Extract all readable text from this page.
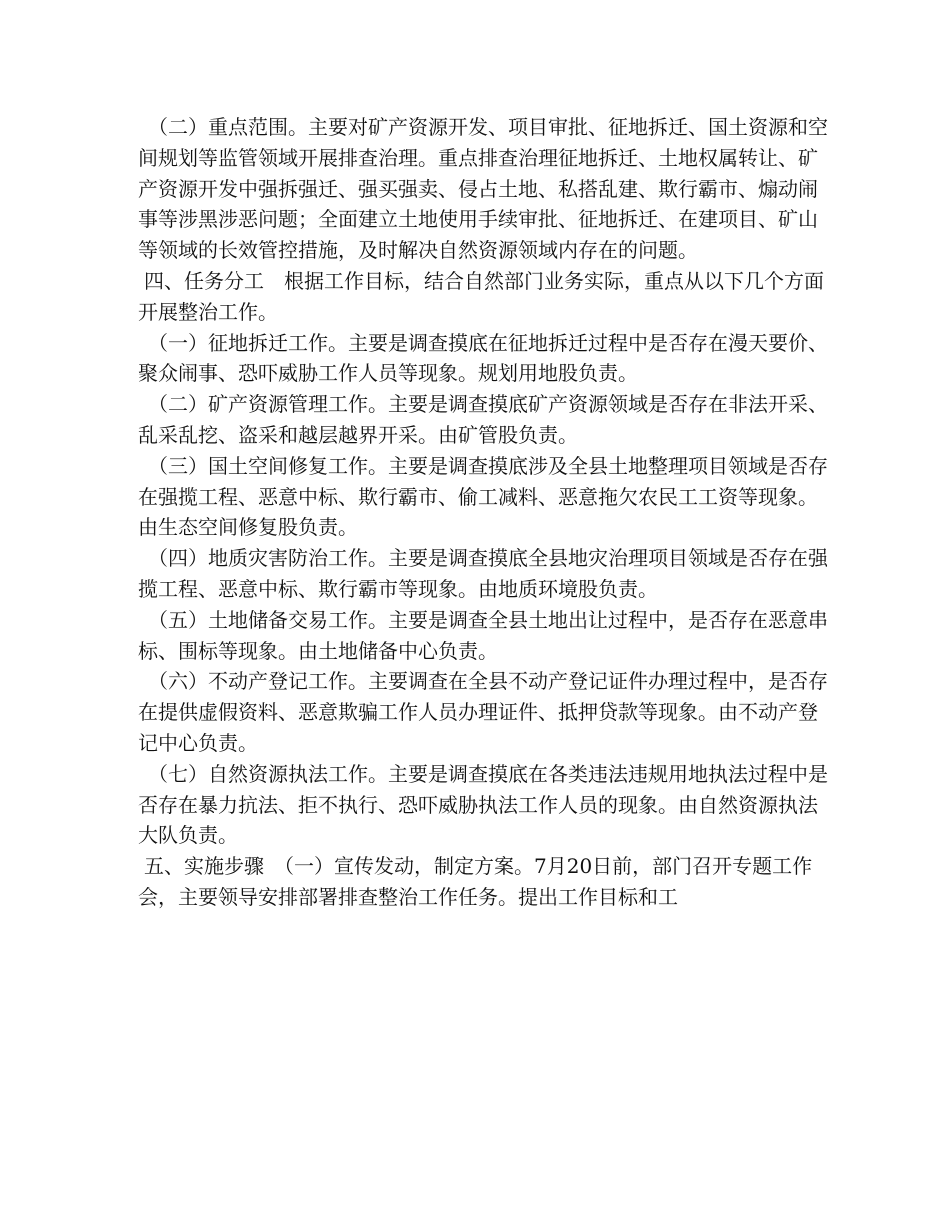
（二）重点范围。主要对矿产资源开发、项目审批、征地拆迁、国土资源和空间规划等监管领域开展排查治理。重点排查治理征地拆迁、土地权属转让、矿产资源开发中强拆强迁、强买强卖、侵占土地、私搭乱建、欺行霸市、煽动闹事等涉黑涉恶问题；全面建立土地使用手续审批、征地拆迁、在建项目、矿山等领域的长效管控措施，及时解决自然资源领域内存在的问题。

四、任务分工　根据工作目标，结合自然部门业务实际，重点从以下几个方面开展整治工作。

（一）征地拆迁工作。主要是调查摸底在征地拆迁过程中是否存在漫天要价、聚众闹事、恐吓威胁工作人员等现象。规划用地股负责。

（二）矿产资源管理工作。主要是调查摸底矿产资源领域是否存在非法开采、乱采乱挖、盗采和越层越界开采。由矿管股负责。

（三）国土空间修复工作。主要是调查摸底涉及全县土地整理项目领域是否存在强揽工程、恶意中标、欺行霸市、偷工减料、恶意拖欠农民工工资等现象。由生态空间修复股负责。

（四）地质灾害防治工作。主要是调查摸底全县地灾治理项目领域是否存在强揽工程、恶意中标、欺行霸市等现象。由地质环境股负责。

（五）土地储备交易工作。主要是调查全县土地出让过程中，是否存在恶意串标、围标等现象。由土地储备中心负责。

（六）不动产登记工作。主要调查在全县不动产登记证件办理过程中，是否存在提供虚假资料、恶意欺骗工作人员办理证件、抵押贷款等现象。由不动产登记中心负责。

（七）自然资源执法工作。主要是调查摸底在各类违法违规用地执法过程中是否存在暴力抗法、拒不执行、恐吓威胁执法工作人员的现象。由自然资源执法大队负责。

五、实施步骤　（一）宣传发动，制定方案。7月20日前，部门召开专题工作会，主要领导安排部署排查整治工作任务。提出工作目标和工
